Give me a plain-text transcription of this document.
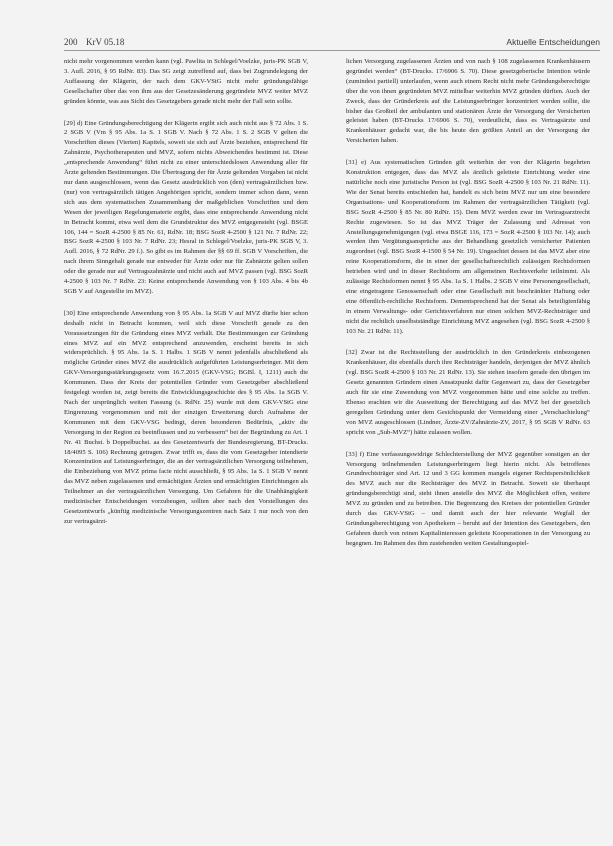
200 KrV 05.18	Aktuelle Entscheidungen

nicht mehr vorgenommen werden kann (vgl. Pawlita in Schlegel/Voelzke, juris-PK SGB V, 3. Aufl. 2016, § 95 RdNr. 83). Das SG zeigt zutreffend auf, dass bei Zugrundelegung der Auffassung der Klägerin, der nach dem GKV-VStG nicht mehr gründungsfähige Gesellschafter über das von ihm aus der Gesetzesänderung gegründete MVZ weiter MVZ gründen könnte, was aus Sicht des Gesetzgebers gerade nicht mehr der Fall sein sollte.

[29] d) Eine Gründungsberechtigung der Klägerin ergibt sich auch nicht aus § 72 Abs. 1 S. 2 SGB V (Vm § 95 Abs. 1a S. 1 SGB V. Nach § 72 Abs. 1 S. 2 SGB V gelten die Vorschriften dieses (Vierten) Kapitels, soweit sie sich auf Ärzte beziehen, entsprechend für Zahnärzte, Psychotherapeuten und MVZ, sofern nichts Abweichendes bestimmt ist. Diese „entsprechende Anwendung“ führt nicht zu einer unterschiedslosen Anwendung aller für Ärzte geltenden Bestimmungen. Die Übertragung der für Ärzte geltenden Vorgaben ist nicht nur dann ausgeschlossen, wenn das Gesetz ausdrücklich von (den) vertragsärztlichen bzw. (nur) von vertragsärztlich tätigen Angehörigen spricht, sondern immer schon dann, wenn sich aus dem systematischen Zusammenhang der maßgeblichen Vorschriften und dem Wesen der jeweiligen Regelungsmaterie ergibt, dass eine entsprechende Anwendung nicht in Betracht kommt, etwa weil dem die Grundstruktur des MVZ entgegensteht (vgl. BSGE 106, 144 = SozR 4-2500 § 85 Nr. 61, RdNr. 18; BSG SozR 4-2500 § 121 Nr. 7 RdNr. 22; BSG SozR 4-2500 § 103 Nr. 7 RdNr. 23; Hesral in Schlegel/Voelzke, juris-PK SGB V, 3. Aufl. 2016, § 72 RdNr. 29 f.). So gibt es im Rahmen der §§ 69 ff. SGB V Vorschriften, die nach ihrem Sinngehalt gerade nur entweder für Ärzte oder nur für Zahnärzte gelten sollen oder die gerade nur auf Vertragszahnärzte und nicht auch auf MVZ passen (vgl. BSG SozR 4-2500 § 103 Nr. 7 RdNr. 23: Keine entsprechende Anwendung von § 103 Abs. 4 bis 4b SGB V auf Angestellte im MVZ).

[30] Eine entsprechende Anwendung von § 95 Abs. 1a SGB V auf MVZ dürfte hier schon deshalb nicht in Betracht kommen, weil sich diese Vorschrift gerade zu den Voraussetzungen für die Gründung eines MVZ verhält. Die Bestimmungen zur Gründung eines MVZ auf ein MVZ entsprechend anzuwenden, erscheint bereits in sich widersprüchlich. § 95 Abs. 1a S. 1 Halbs. 1 SGB V nennt jedenfalls abschließend als mögliche Gründer eines MVZ die ausdrücklich aufgeführten Leistungserbringer. Mit dem GKV-Versorgungsstärkungsgesetz vom 16.7.2015 (GKV-VSG; BGBl. I, 1211) auch die Kommunen. Dass der Kreis der potentiellen Gründer vom Gesetzgeber abschließend festgelegt worden ist, zeigt bereits die Entwicklungsgeschichte des § 95 Abs. 1a SGB V. Nach der ursprünglich weiten Fassung (s. RdNr. 25) wurde mit dem GKV-VStG eine Eingrenzung vorgenommen und mit der einzigen Erweiterung durch Aufnahme der Kommunen mit dem GKV-VSG bedingt, deren besonderen Bedürfnis, „aktiv die Versorgung in der Region zu beeinflussen und zu verbessern“ bei der Begründung zu Art. 1 Nr. 41 Buchst. b Doppelbuchst. aa des Gesetzentwurfs der Bundesregierung, BT-Drucks. 18/4095 S. 106) Rechnung getragen. Zwar trifft es, dass die vom Gesetzgeber intendierte Konzentration auf Leistungserbringer, die an der vertragsärztlichen Versorgung teilnehmen, die Einbeziehung von MVZ prima facie nicht ausschließt, § 95 Abs. 1a S. 1 SGB V nennt das MVZ neben zugelassenen und ermächtigten Ärzten und ermächtigten Einrichtungen als Teilnehmer an der vertragsärztlichen Versorgung. Um Gefahren für die Unabhängigkeit medizinischer Entscheidungen vorzubeugen, sollten aber nach den Vorstellungen des Gesetzentwurfs „künftig medizinische Versorgungszentren nach Satz 1 nur noch von den zur vertragsärzt-

lichen Versorgung zugelassenen Ärzten und von nach § 108 zugelassenen Krankenhäusern gegründet werden“ (BT-Drucks. 17/6906 S. 70). Diese gesetzgeberische Intention würde (zumindest partiell) unterlaufen, wenn auch einem Recht nicht mehr Gründungsberechtigte über die von ihnen gegründeten MVZ mittelbar weiterhin MVZ gründen dürften. Auch der Zweck, dass der Gründerkreis auf die Leistungserbringer konzentriert werden sollte, die bisher das Großteil der ambulanten und stationären Ärzte der Versorgung der Versicherten geleistet haben (BT-Drucks 17/6906 S. 70), verdeutlicht, dass es Vertragsärzte und Krankenhäuser gedacht war, die bis heute den größten Anteil an der Versorgung der Versicherten haben.

[31] e) Aus systematischen Gründen gilt weiterhin der von der Klägerin begehrten Konstruktion entgegen, dass das MVZ als ärztlich geleitete Einrichtung weder eine natürliche noch eine juristische Person ist (vgl. BSG SozR 4-2500 § 103 Nr. 21 RdNr. 11). Wie der Senat bereits entschieden hat, handelt es sich beim MVZ nur um eine besondere Organisations- und Kooperationsform im Rahmen der vertragsärztlichen Tätigkeit (vgl. BSG SozR 4-2500 § 85 Nr. 80 RdNr. 15). Dem MVZ werden zwar im Vertragsarztrecht Rechte zugewiesen. So ist das MVZ Träger der Zulassung und Adressat von Anstellungsgenehmigungen (vgl. etwa BSGE 116, 173 = SozR 4-2500 § 103 Nr. 14); auch werden ihm Vergütungsansprüche aus der Behandlung gesetzlich versicherter Patienten zugeordnet (vgl. BSG SozR 4-1500 § 54 Nr. 19). Ungeachtet dessen ist das MVZ aber eine reine Kooperationsform, die in einer der gesellschaftsrechtlich zulässigen Rechtsformen betrieben wird und in dieser Rechtsform am allgemeinen Rechtsverkehr teilnimmt. Als zulässige Rechtsformen nennt § 95 Abs. 1a S. 1 Halbs. 2 SGB V eine Personengesellschaft, eine eingetragene Genossenschaft oder eine Gesellschaft mit beschränkter Haftung oder eine öffentlich-rechtliche Rechtsform. Dementsprechend hat der Senat als beteiligtenfähig in einem Verwaltungs- oder Gerichtsverfahren nur einen solchen MVZ-Rechtsträger und nicht die rechtlich unselbstständige Einrichtung MVZ angesehen (vgl. BSG SozR 4-2500 § 103 Nr. 21 RdNr. 11).

[32] Zwar ist die Rechtsstellung der ausdrücklich in den Gründerkreis einbezogenen Krankenhäuser, die ebenfalls durch ihre Rechtsträger handeln, derjenigen der MVZ ähnlich (vgl. BSG SozR 4-2500 § 103 Nr. 21 RdNr. 13). Sie stehen insofern gerade den übrigen im Gesetz genannten Gründern einen Ansatzpunkt dafür Gegenwart zu, dass der Gesetzgeber auch für sie eine Zuwendung von MVZ vorgenommen hätte und eine solche zu treffen. Ebenso erachten wir die Ausweitung der Berechtigung auf das MVZ bei der gesetzlich geregelten Gründung unter dem Gesichtspunkt der Vermeidung einer „Verschachtelung“ von MVZ ausgeschlossen (Lindner, Ärzte-ZV/Zahnärzte-ZV, 2017, § 95 SGB V RdNr. 63 spricht von „Sub-MVZ“) hätte zulassen wollen.

[33] f) Eine verfassungswidrige Schlechterstellung der MVZ gegenüber sonstigen an der Versorgung teilnehmenden Leistungserbringern liegt hierin nicht. Als betroffenes Grundrechtsträger sind Art. 12 und 3 GG kommen mangels eigener Rechtspersönlichkeit des MVZ auch nur die Rechtsträger des MVZ in Betracht. Soweit sie überhaupt gründungsberechtigt sind, steht ihnen anstelle des MVZ die Möglichkeit offen, weitere MVZ zu gründen und zu betreiben. Die Begrenzung des Kreises der potentiellen Gründer durch das GKV-VStG – und damit auch der hier relevante Wegfall der Gründungsberechtigung von Apothekern – beruht auf der Intention des Gesetzgebers, den Gefahren durch von reinen Kapitalinteressen geleitete Kooperationen in der Versorgung zu begegnen. Im Rahmen des ihm zustehenden weiten Gestaltungsspiel-
